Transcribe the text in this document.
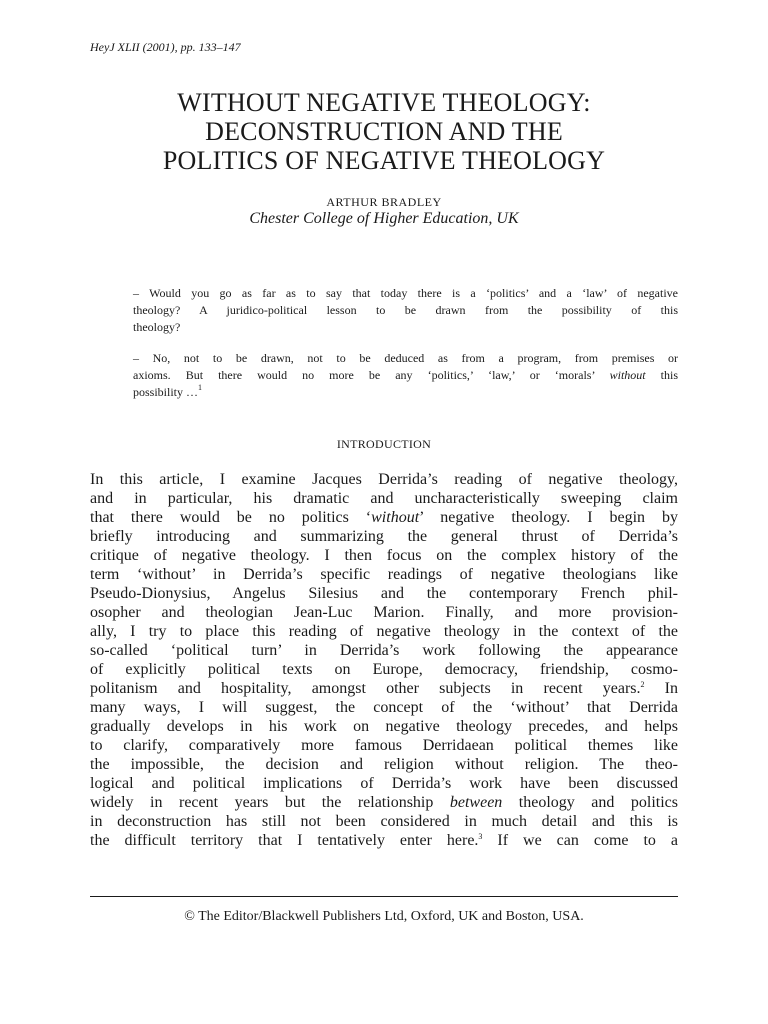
HeyJ XLII (2001), pp. 133–147
WITHOUT NEGATIVE THEOLOGY:
DECONSTRUCTION AND THE
POLITICS OF NEGATIVE THEOLOGY
ARTHUR BRADLEY
Chester College of Higher Education, UK
– Would you go as far as to say that today there is a ‘politics’ and a ‘law’ of negative
theology? A juridico-political lesson to be drawn from the possibility of this
theology?
– No, not to be drawn, not to be deduced as from a program, from premises or
axioms. But there would no more be any ‘politics,’ ‘law,’ or ‘morals’ without this
possibility …$^1$
INTRODUCTION
In this article, I examine Jacques Derrida’s reading of negative theology,
and in particular, his dramatic and uncharacteristically sweeping claim
that there would be no politics ‘without’ negative theology. I begin by
briefly introducing and summarizing the general thrust of Derrida’s
critique of negative theology. I then focus on the complex history of the
term ‘without’ in Derrida’s specific readings of negative theologians like
Pseudo-Dionysius, Angelus Silesius and the contemporary French phil-
osopher and theologian Jean-Luc Marion. Finally, and more provision-
ally, I try to place this reading of negative theology in the context of the
so-called ‘political turn’ in Derrida’s work following the appearance
of explicitly political texts on Europe, democracy, friendship, cosmo-
politanism and hospitality, amongst other subjects in recent years.$^2$ In
many ways, I will suggest, the concept of the ‘without’ that Derrida
gradually develops in his work on negative theology precedes, and helps
to clarify, comparatively more famous Derridaean political themes like
the impossible, the decision and religion without religion. The theo-
logical and political implications of Derrida’s work have been discussed
widely in recent years but the relationship between theology and politics
in deconstruction has still not been considered in much detail and this is
the difficult territory that I tentatively enter here.$^3$ If we can come to a
© The Editor/Blackwell Publishers Ltd, Oxford, UK and Boston, USA.
